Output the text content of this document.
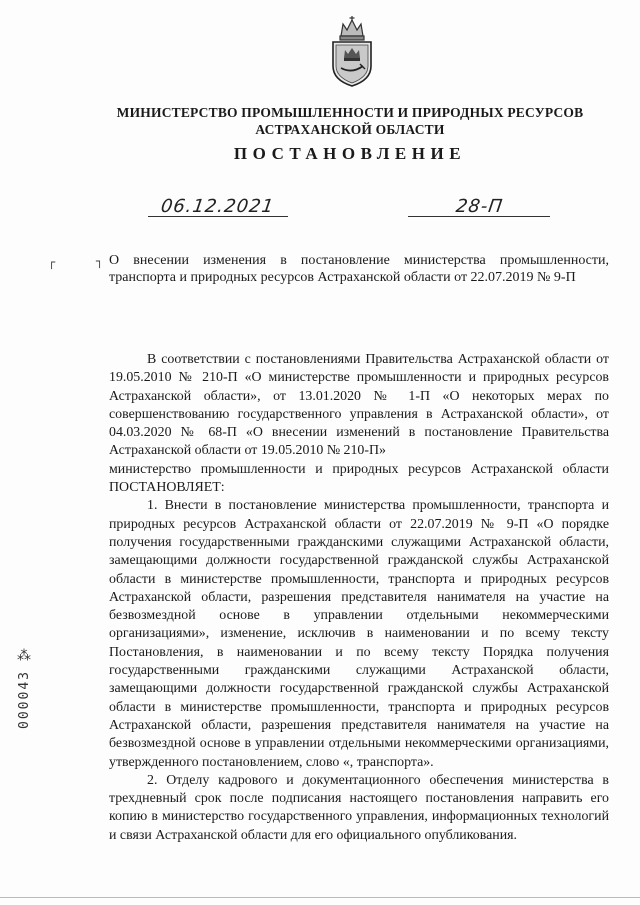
МИНИСТЕРСТВО ПРОМЫШЛЕННОСТИ И ПРИРОДНЫХ РЕСУРСОВ
АСТРАХАНСКОЙ ОБЛАСТИ
ПОСТАНОВЛЕНИЕ
06.12.2021	28-П
┌	┐ О внесении изменения в постановление министерства промышленности, транспорта и природных ресурсов Астраханской области от 22.07.2019 № 9-П

В соответствии с постановлениями Правительства Астраханской области от 19.05.2010 № 210-П «О министерстве промышленности и природных ресурсов Астраханской области», от 13.01.2020 № 1-П «О некоторых мерах по совершенствованию государственного управления в Астраханской области», от 04.03.2020 № 68-П «О внесении изменений в постановление Правительства Астраханской области от 19.05.2010 № 210-П»

министерство промышленности и природных ресурсов Астраханской области ПОСТАНОВЛЯЕТ:

1. Внести в постановление министерства промышленности, транспорта и природных ресурсов Астраханской области от 22.07.2019 № 9-П «О порядке получения государственными гражданскими служащими Астраханской области, замещающими должности государственной гражданской службы Астраханской области в министерстве промышленности, транспорта и природных ресурсов Астраханской области, разрешения представителя нанимателя на участие на безвозмездной основе в управлении отдельными некоммерческими организациями», изменение, исключив в наименовании и по всему тексту Постановления, в наименовании и по всему тексту Порядка получения государственными гражданскими служащими Астраханской области, замещающими должности государственной гражданской службы Астраханской области в министерстве промышленности, транспорта и природных ресурсов Астраханской области, разрешения представителя нанимателя на участие на безвозмездной основе в управлении отдельными некоммерческими организациями, утвержденного постановлением, слово «, транспорта».

2. Отделу кадрового и документационного обеспечения министерства в трехдневный срок после подписания настоящего постановления направить его копию в министерство государственного управления, информационных технологий и связи Астраханской области для его официального опубликования.

⁂
000043
